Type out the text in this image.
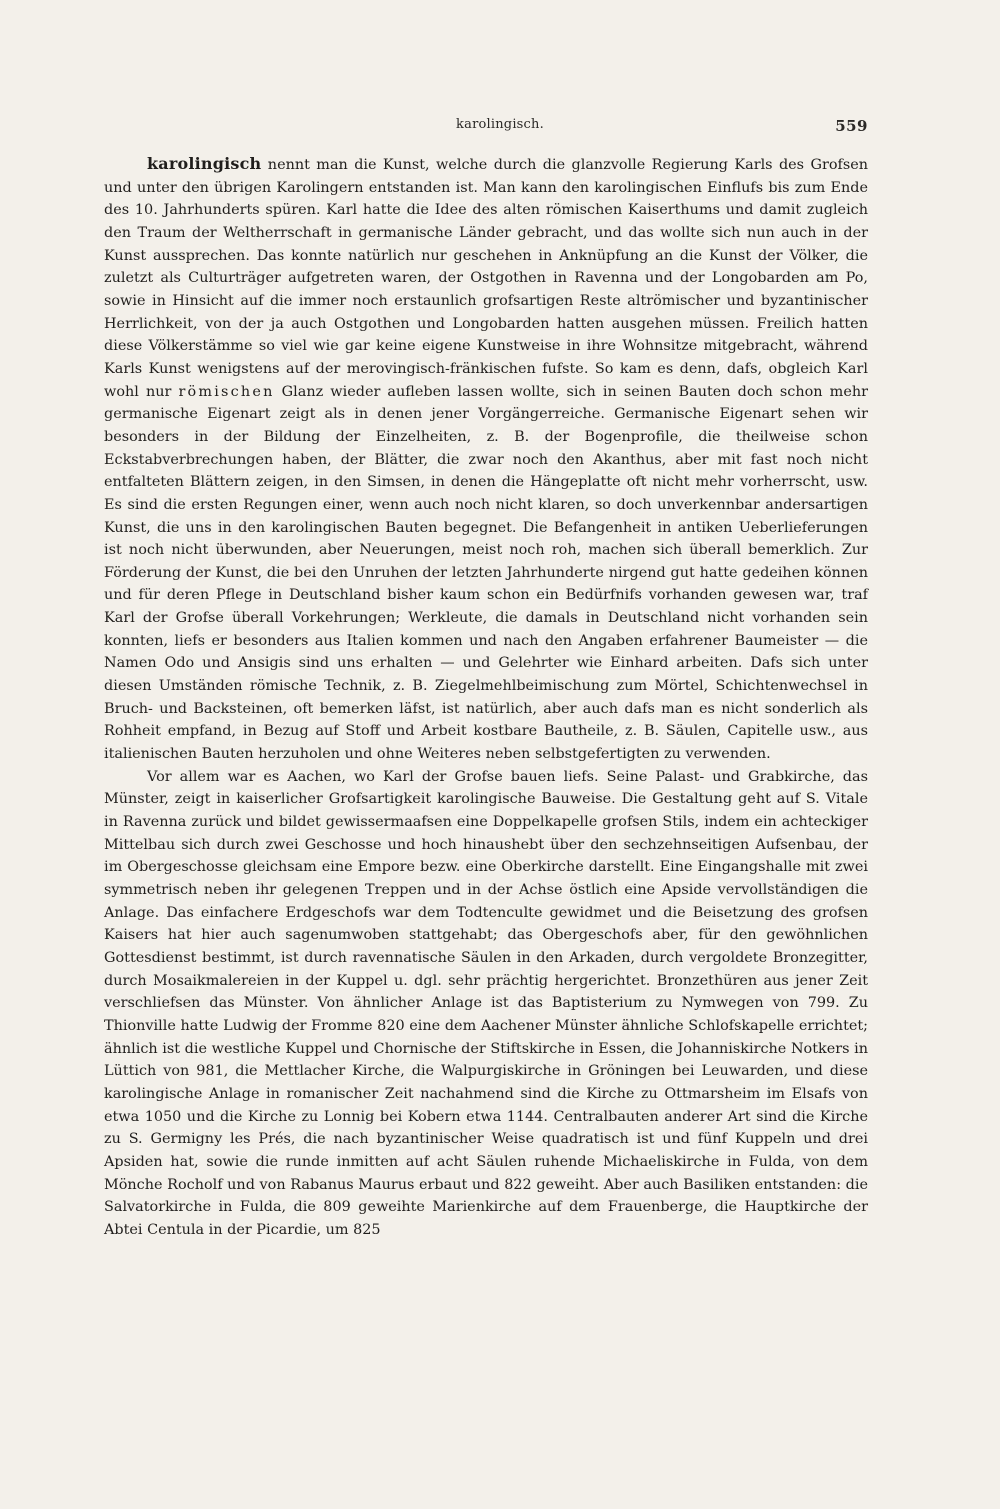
karolingisch.	559

karolingisch nennt man die Kunst, welche durch die glanzvolle Regierung Karls des Grofsen und unter den übrigen Karolingern entstanden ist. Man kann den karolingischen Einflufs bis zum Ende des 10. Jahrhunderts spüren. Karl hatte die Idee des alten römischen Kaiserthums und damit zugleich den Traum der Weltherrschaft in germanische Länder gebracht, und das wollte sich nun auch in der Kunst aussprechen. Das konnte natürlich nur geschehen in Anknüpfung an die Kunst der Völker, die zuletzt als Culturträger aufgetreten waren, der Ostgothen in Ravenna und der Longobarden am Po, sowie in Hinsicht auf die immer noch erstaunlich grofsartigen Reste altrömischer und byzantinischer Herrlichkeit, von der ja auch Ostgothen und Longobarden hatten ausgehen müssen. Freilich hatten diese Völkerstämme so viel wie gar keine eigene Kunstweise in ihre Wohnsitze mitgebracht, während Karls Kunst wenigstens auf der merovingisch-fränkischen fufste. So kam es denn, dafs, obgleich Karl wohl nur römischen Glanz wieder aufleben lassen wollte, sich in seinen Bauten doch schon mehr germanische Eigenart zeigt als in denen jener Vorgängerreiche. Germanische Eigenart sehen wir besonders in der Bildung der Einzelheiten, z. B. der Bogenprofile, die theilweise schon Eckstabverbrechungen haben, der Blätter, die zwar noch den Akanthus, aber mit fast noch nicht entfalteten Blättern zeigen, in den Simsen, in denen die Hängeplatte oft nicht mehr vorherrscht, usw. Es sind die ersten Regungen einer, wenn auch noch nicht klaren, so doch unverkennbar andersartigen Kunst, die uns in den karolingischen Bauten begegnet. Die Befangenheit in antiken Ueberlieferungen ist noch nicht überwunden, aber Neuerungen, meist noch roh, machen sich überall bemerklich. Zur Förderung der Kunst, die bei den Unruhen der letzten Jahrhunderte nirgend gut hatte gedeihen können und für deren Pflege in Deutschland bisher kaum schon ein Bedürfnifs vorhanden gewesen war, traf Karl der Grofse überall Vorkehrungen; Werkleute, die damals in Deutschland nicht vorhanden sein konnten, liefs er besonders aus Italien kommen und nach den Angaben erfahrener Baumeister — die Namen Odo und Ansigis sind uns erhalten — und Gelehrter wie Einhard arbeiten. Dafs sich unter diesen Umständen römische Technik, z. B. Ziegelmehlbeimischung zum Mörtel, Schichtenwechsel in Bruch- und Backsteinen, oft bemerken läfst, ist natürlich, aber auch dafs man es nicht sonderlich als Rohheit empfand, in Bezug auf Stoff und Arbeit kostbare Bautheile, z. B. Säulen, Capitelle usw., aus italienischen Bauten herzuholen und ohne Weiteres neben selbstgefertigten zu verwenden.

Vor allem war es Aachen, wo Karl der Grofse bauen liefs. Seine Palast- und Grabkirche, das Münster, zeigt in kaiserlicher Grofsartigkeit karolingische Bauweise. Die Gestaltung geht auf S. Vitale in Ravenna zurück und bildet gewissermaafsen eine Doppelkapelle grofsen Stils, indem ein achteckiger Mittelbau sich durch zwei Geschosse und hoch hinaushebt über den sechzehnseitigen Aufsenbau, der im Obergeschosse gleichsam eine Empore bezw. eine Oberkirche darstellt. Eine Eingangshalle mit zwei symmetrisch neben ihr gelegenen Treppen und in der Achse östlich eine Apside vervollständigen die Anlage. Das einfachere Erdgeschofs war dem Todtenculte gewidmet und die Beisetzung des grofsen Kaisers hat hier auch sagenumwoben stattgehabt; das Obergeschofs aber, für den gewöhnlichen Gottesdienst bestimmt, ist durch ravennatische Säulen in den Arkaden, durch vergoldete Bronzegitter, durch Mosaikmalereien in der Kuppel u. dgl. sehr prächtig hergerichtet. Bronzethüren aus jener Zeit verschliefsen das Münster. Von ähnlicher Anlage ist das Baptisterium zu Nymwegen von 799. Zu Thionville hatte Ludwig der Fromme 820 eine dem Aachener Münster ähnliche Schlofskapelle errichtet; ähnlich ist die westliche Kuppel und Chornische der Stiftskirche in Essen, die Johanniskirche Notkers in Lüttich von 981, die Mettlacher Kirche, die Walpurgiskirche in Gröningen bei Leuwarden, und diese karolingische Anlage in romanischer Zeit nachahmend sind die Kirche zu Ottmarsheim im Elsafs von etwa 1050 und die Kirche zu Lonnig bei Kobern etwa 1144. Centralbauten anderer Art sind die Kirche zu S. Germigny les Prés, die nach byzantinischer Weise quadratisch ist und fünf Kuppeln und drei Apsiden hat, sowie die runde inmitten auf acht Säulen ruhende Michaeliskirche in Fulda, von dem Mönche Rocholf und von Rabanus Maurus erbaut und 822 geweiht. Aber auch Basiliken entstanden: die Salvatorkirche in Fulda, die 809 geweihte Marienkirche auf dem Frauenberge, die Hauptkirche der Abtei Centula in der Picardie, um 825
